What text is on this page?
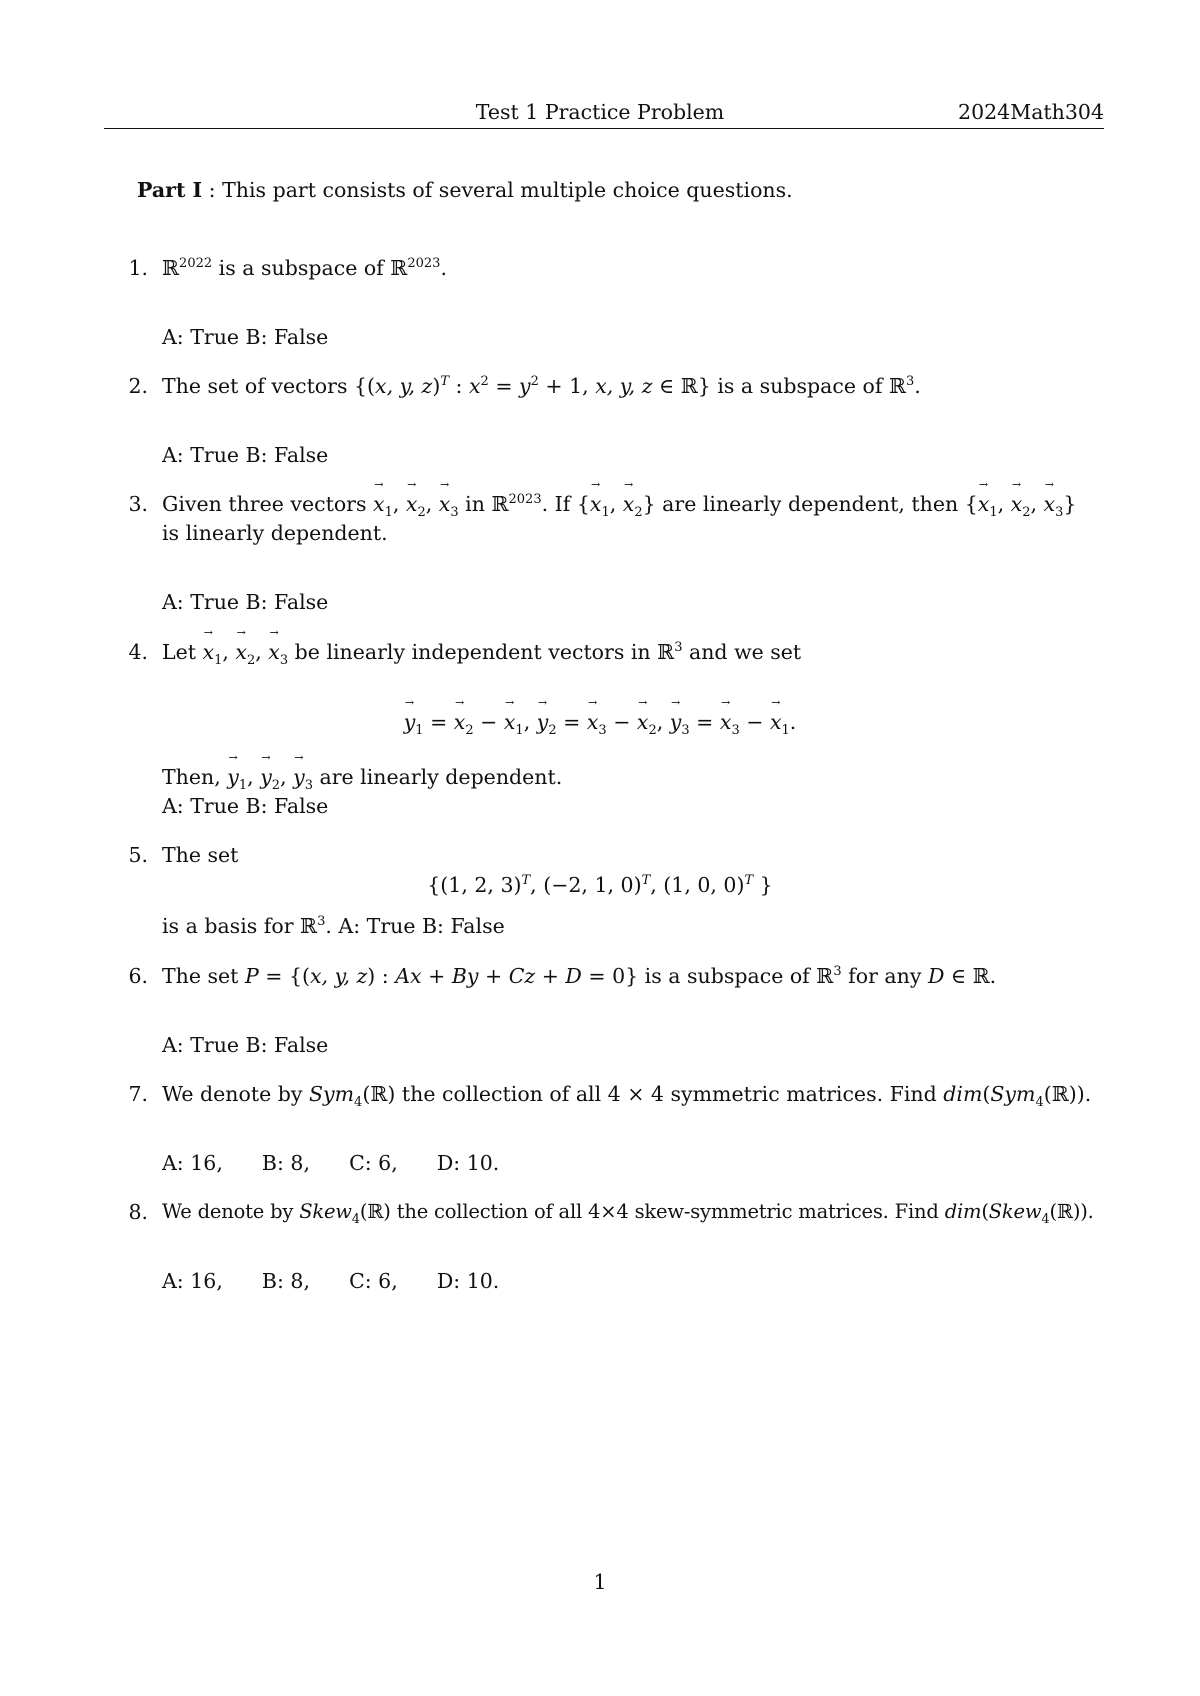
Test 1 Practice Problem	2024Math304
Part I : This part consists of several multiple choice questions.
1. ℝ$^{2022}$ is a subspace of ℝ$^{2023}$.
A: True B: False
2. The set of vectors {(x, y, z)$^T$ : $x^2 = y^2 + 1$, x, y, z ∈ ℝ} is a subspace of ℝ$^3$.
A: True B: False
3. Given three vectors → $x_1$, → $x_2$, → $x_3$ in ℝ$^{2023}$. If {→ $x_1$, → $x_2$} are linearly dependent, then {→ $x_1$, → $x_2$, → $x_3$}
is linearly dependent.
A: True B: False
4. Let → $x_1$, → $x_2$, → $x_3$ be linearly independent vectors in ℝ$^3$ and we set
→ $y_1$ = → $x_2$ − → $x_1$, → $y_2$ = → $x_3$ − → $x_2$, → $y_3$ = → $x_3$ − → $x_1$.
Then, → $y_1$, → $y_2$, → $y_3$ are linearly dependent.
A: True B: False
5. The set
{(1, 2, 3)$^T$, (−2, 1, 0)$^T$, (1, 0, 0)$^T$ }
is a basis for ℝ$^3$. A: True B: False
6. The set P = {(x, y, z) : Ax + By + Cz + D = 0} is a subspace of ℝ$^3$ for any D ∈ ℝ.
A: True B: False
7. We denote by Sym$_4$(ℝ) the collection of all 4 × 4 symmetric matrices. Find dim(Sym$_4$(ℝ)).
A: 16,      B: 8,      C: 6,      D: 10.
8. We denote by Skew$_4$(ℝ) the collection of all 4×4 skew-symmetric matrices. Find dim(Skew$_4$(ℝ)).
A: 16,      B: 8,      C: 6,      D: 10.
1
